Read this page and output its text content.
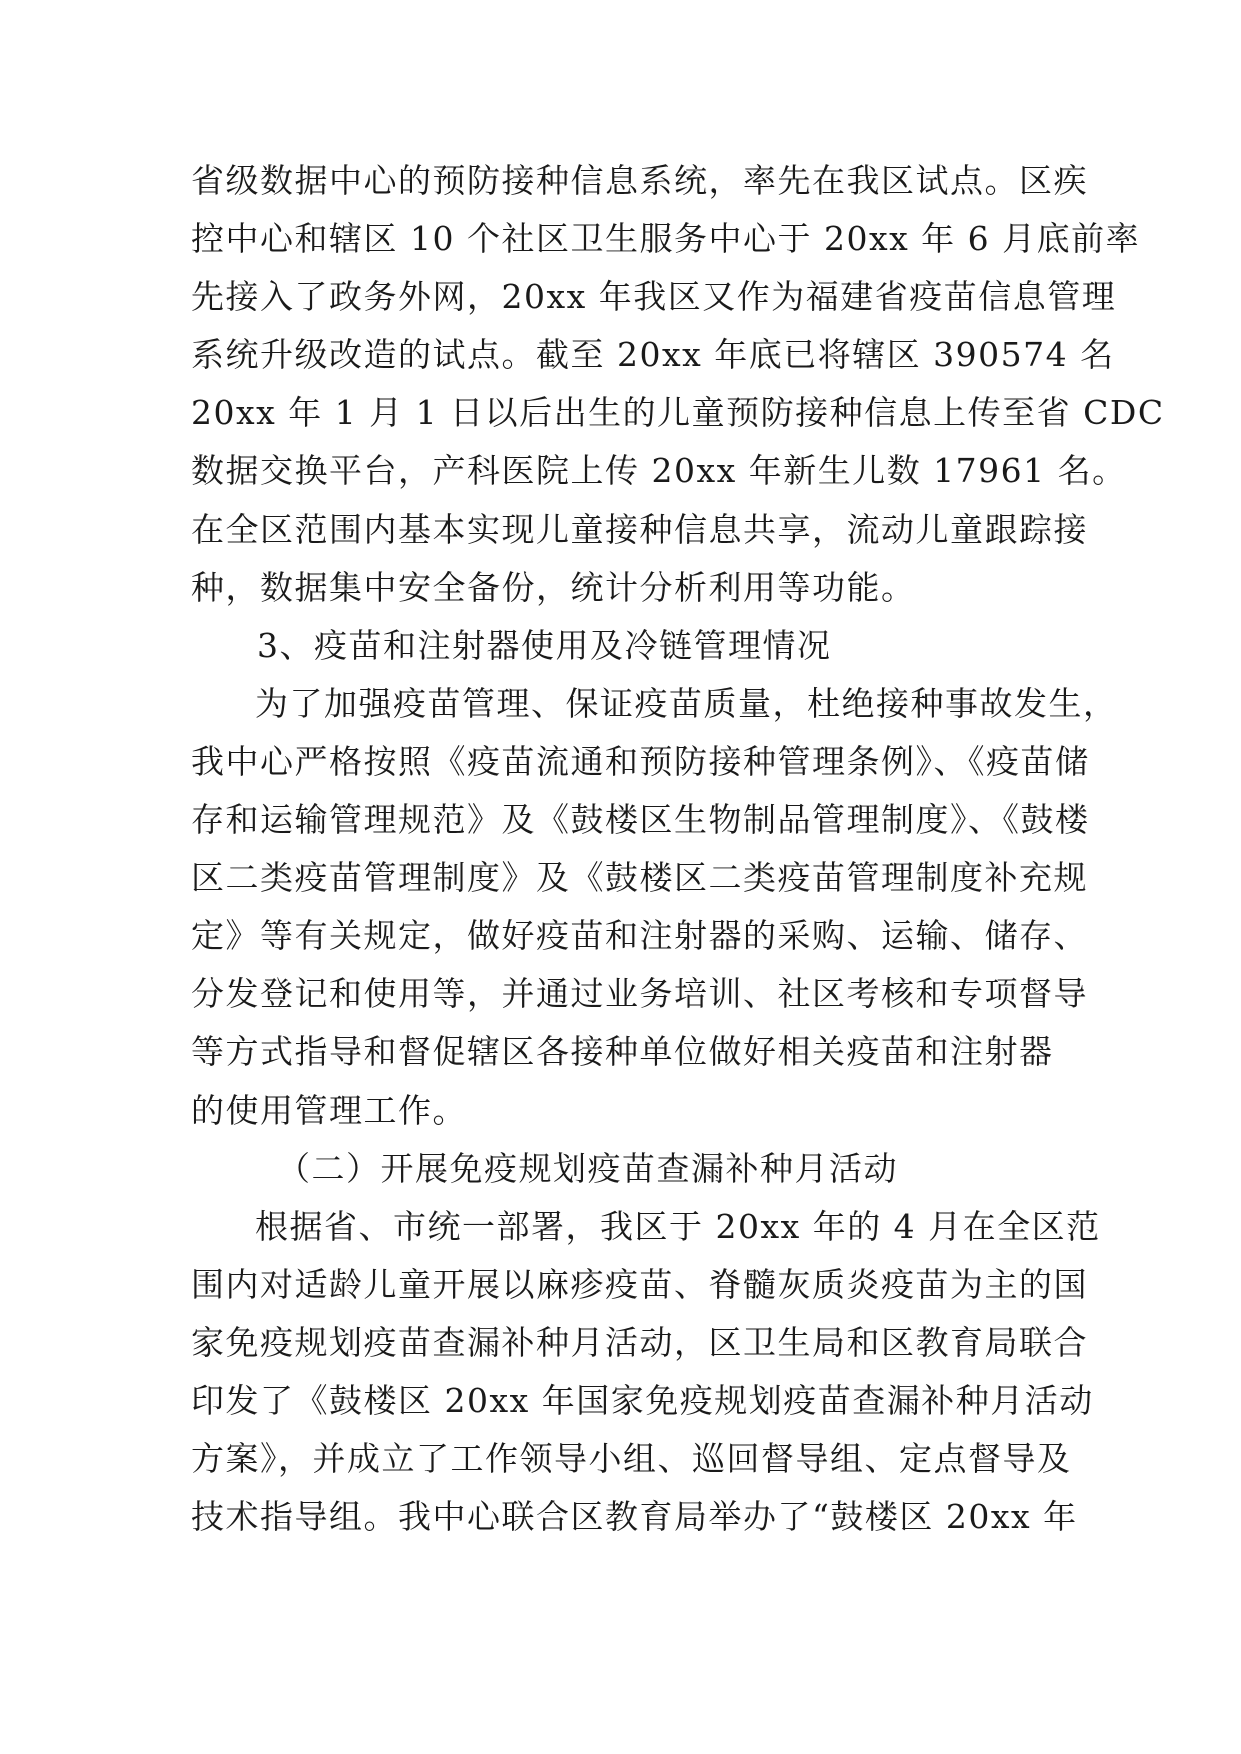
省级数据中心的预防接种信息系统，率先在我区试点。区疾
控中心和辖区 10 个社区卫生服务中心于 20xx 年 6 月底前率
先接入了政务外网，20xx 年我区又作为福建省疫苗信息管理
系统升级改造的试点。截至 20xx 年底已将辖区 390574 名
20xx 年 1 月 1 日以后出生的儿童预防接种信息上传至省 CDC
数据交换平台，产科医院上传 20xx 年新生儿数 17961 名。
在全区范围内基本实现儿童接种信息共享，流动儿童跟踪接
种，数据集中安全备份，统计分析利用等功能。
3、疫苗和注射器使用及冷链管理情况
为了加强疫苗管理、保证疫苗质量，杜绝接种事故发生，
我中心严格按照《疫苗流通和预防接种管理条例》、《疫苗储
存和运输管理规范》及《鼓楼区生物制品管理制度》、《鼓楼
区二类疫苗管理制度》及《鼓楼区二类疫苗管理制度补充规
定》等有关规定，做好疫苗和注射器的采购、运输、储存、
分发登记和使用等，并通过业务培训、社区考核和专项督导
等方式指导和督促辖区各接种单位做好相关疫苗和注射器
的使用管理工作。
（二）开展免疫规划疫苗查漏补种月活动
根据省、市统一部署，我区于 20xx 年的 4 月在全区范
围内对适龄儿童开展以麻疹疫苗、脊髓灰质炎疫苗为主的国
家免疫规划疫苗查漏补种月活动，区卫生局和区教育局联合
印发了《鼓楼区 20xx 年国家免疫规划疫苗查漏补种月活动
方案》，并成立了工作领导小组、巡回督导组、定点督导及
技术指导组。我中心联合区教育局举办了“鼓楼区 20xx 年
